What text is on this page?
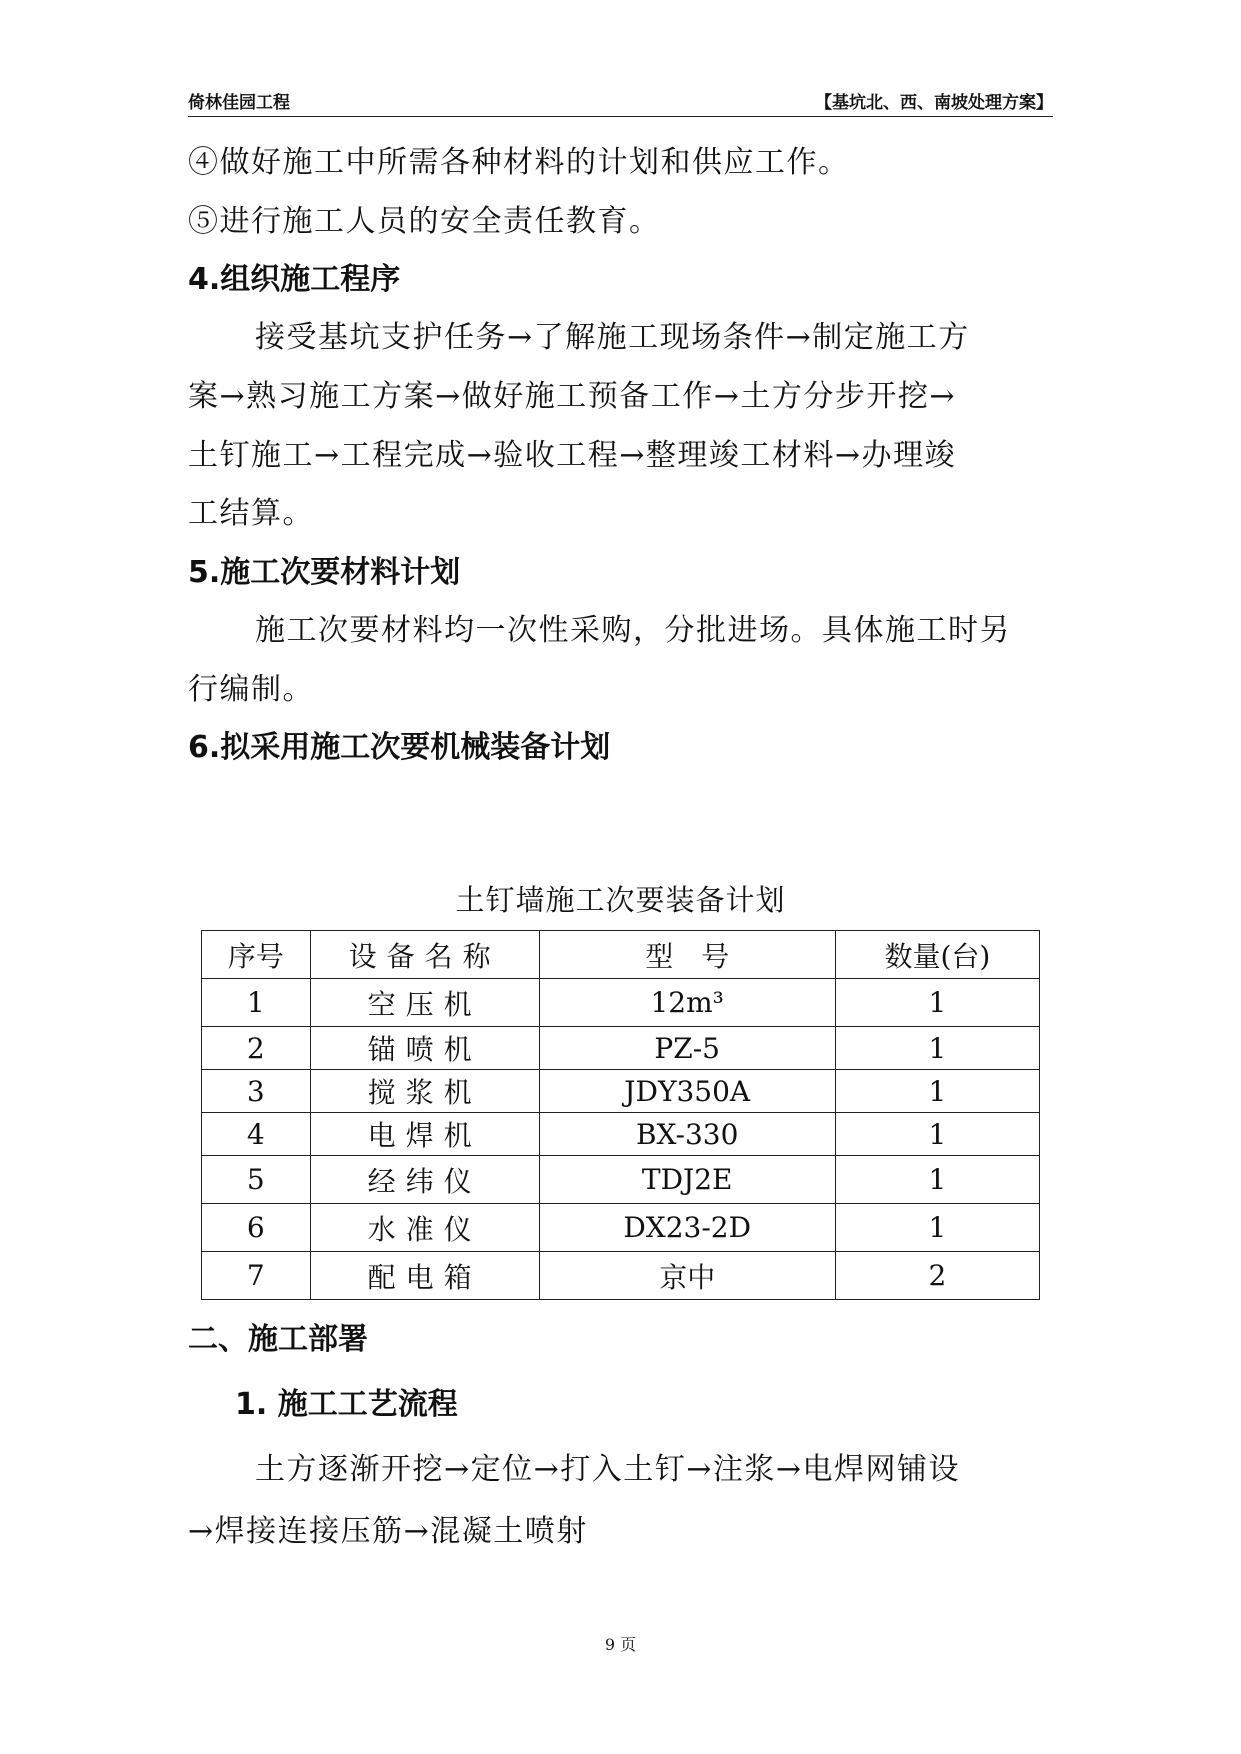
倚林佳园工程	【基坑北、西、南坡处理方案】
④做好施工中所需各种材料的计划和供应工作。
⑤进行施工人员的安全责任教育。
4.组织施工程序
接受基坑支护任务→了解施工现场条件→制定施工方
案→熟习施工方案→做好施工预备工作→土方分步开挖→
土钉施工→工程完成→验收工程→整理竣工材料→办理竣
工结算。
5.施工次要材料计划
施工次要材料均一次性采购，分批进场。具体施工时另
行编制。
6.拟采用施工次要机械装备计划
土钉墙施工次要装备计划
序号	设备名称	型　号	数量(台)
1	空压机	12m³	1
2	锚喷机	PZ-5	1
3	搅浆机	JDY350A	1
4	电焊机	BX-330	1
5	经纬仪	TDJ2E	1
6	水准仪	DX23-2D	1
7	配电箱	京中	2
二、施工部署
1. 施工工艺流程
土方逐渐开挖→定位→打入土钉→注浆→电焊网铺设
→焊接连接压筋→混凝土喷射
9 页
